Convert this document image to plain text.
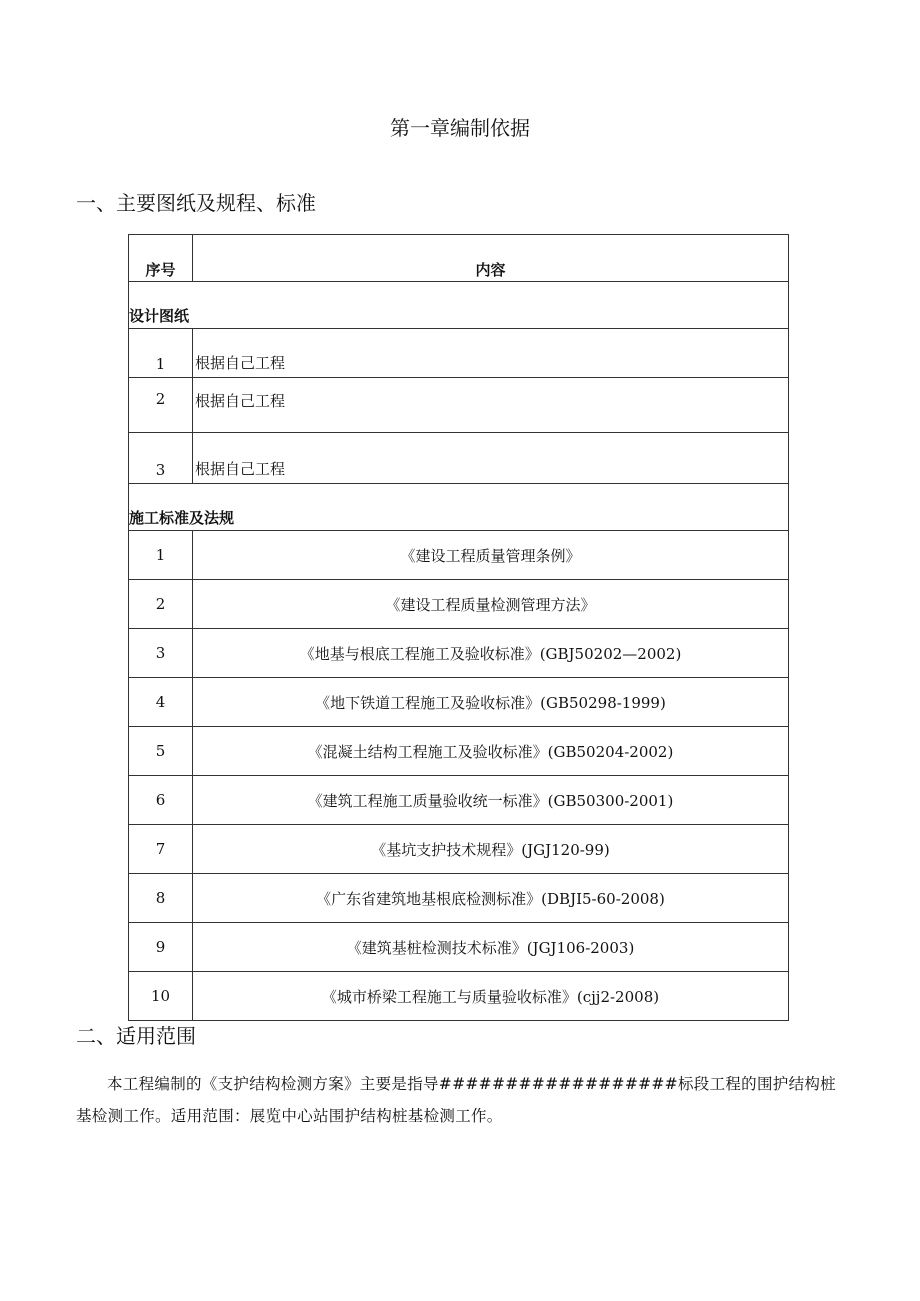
第一章编制依据
一、主要图纸及规程、标准
序号	内容
设计图纸	
1	根据自己工程
2	根据自己工程
3	根据自己工程
施工标准及法规	
1	《建设工程质量管理条例》
2	《建设工程质量检测管理方法》
3	《地基与根底工程施工及验收标准》(GBJ50202—2002)
4	《地下铁道工程施工及验收标准》(GB50298-1999)
5	《混凝土结构工程施工及验收标准》(GB50204-2002)
6	《建筑工程施工质量验收统一标准》(GB50300-2001)
7	《基坑支护技术规程》(JGJ120-99)
8	《广东省建筑地基根底检测标准》(DBJI5-60-2008)
9	《建筑基桩检测技术标准》(JGJ106-2003)
10	《城市桥梁工程施工与质量验收标准》(cjj2-2008)
二、适用范围

本工程编制的《支护结构检测方案》主要是指导##################标段工程的围护结构桩基检测工作。适用范围：展览中心站围护结构桩基检测工作。
